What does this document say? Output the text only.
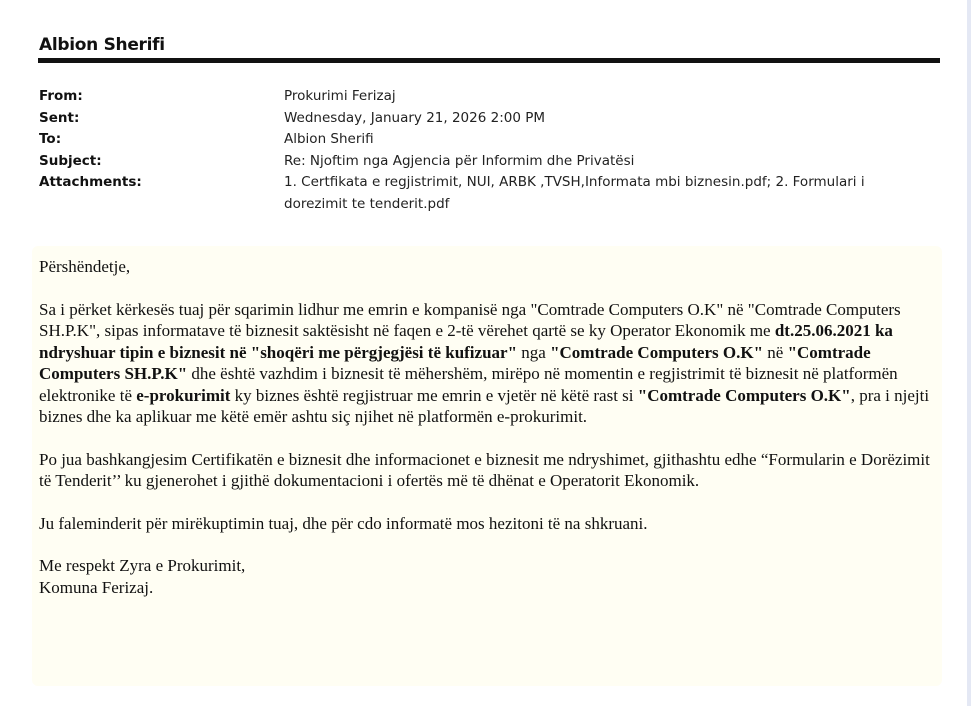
Albion Sherifi
From:	Prokurimi Ferizaj
Sent:	Wednesday, January 21, 2026 2:00 PM
To:	Albion Sherifi
Subject:	Re: Njoftim nga Agjencia për Informim dhe Privatësi
Attachments:	1. Certfikata e regjistrimit, NUI, ARBK ,TVSH,Informata mbi biznesin.pdf; 2. Formulari i dorezimit te tenderit.pdf

Përshëndetje,

Sa i përket kërkesës tuaj për sqarimin lidhur me emrin e kompanisë nga "Comtrade Computers O.K" në "Comtrade Computers SH.P.K", sipas informatave të biznesit saktësisht në faqen e 2-të vërehet qartë se ky Operator Ekonomik me dt.25.06.2021 ka ndryshuar tipin e biznesit në "shoqëri me përgjegjësi të kufizuar" nga "Comtrade Computers O.K" në "Comtrade Computers SH.P.K" dhe është vazhdim i biznesit të mëhershëm, mirëpo në momentin e regjistrimit të biznesit në platformën elektronike të e-prokurimit ky biznes është regjistruar me emrin e vjetër në këtë rast si "Comtrade Computers O.K", pra i njejti biznes dhe ka aplikuar me këtë emër ashtu siç njihet në platformën e-prokurimit.

Po jua bashkangjesim Certifikatën e biznesit dhe informacionet e biznesit me ndryshimet, gjithashtu edhe “Formularin e Dorëzimit të Tenderit’’ ku gjenerohet i gjithë dokumentacioni i ofertës më të dhënat e Operatorit Ekonomik.

Ju faleminderit për mirëkuptimin tuaj, dhe për cdo informatë mos hezitoni të na shkruani.

Me respekt Zyra e Prokurimit,
Komuna Ferizaj.
